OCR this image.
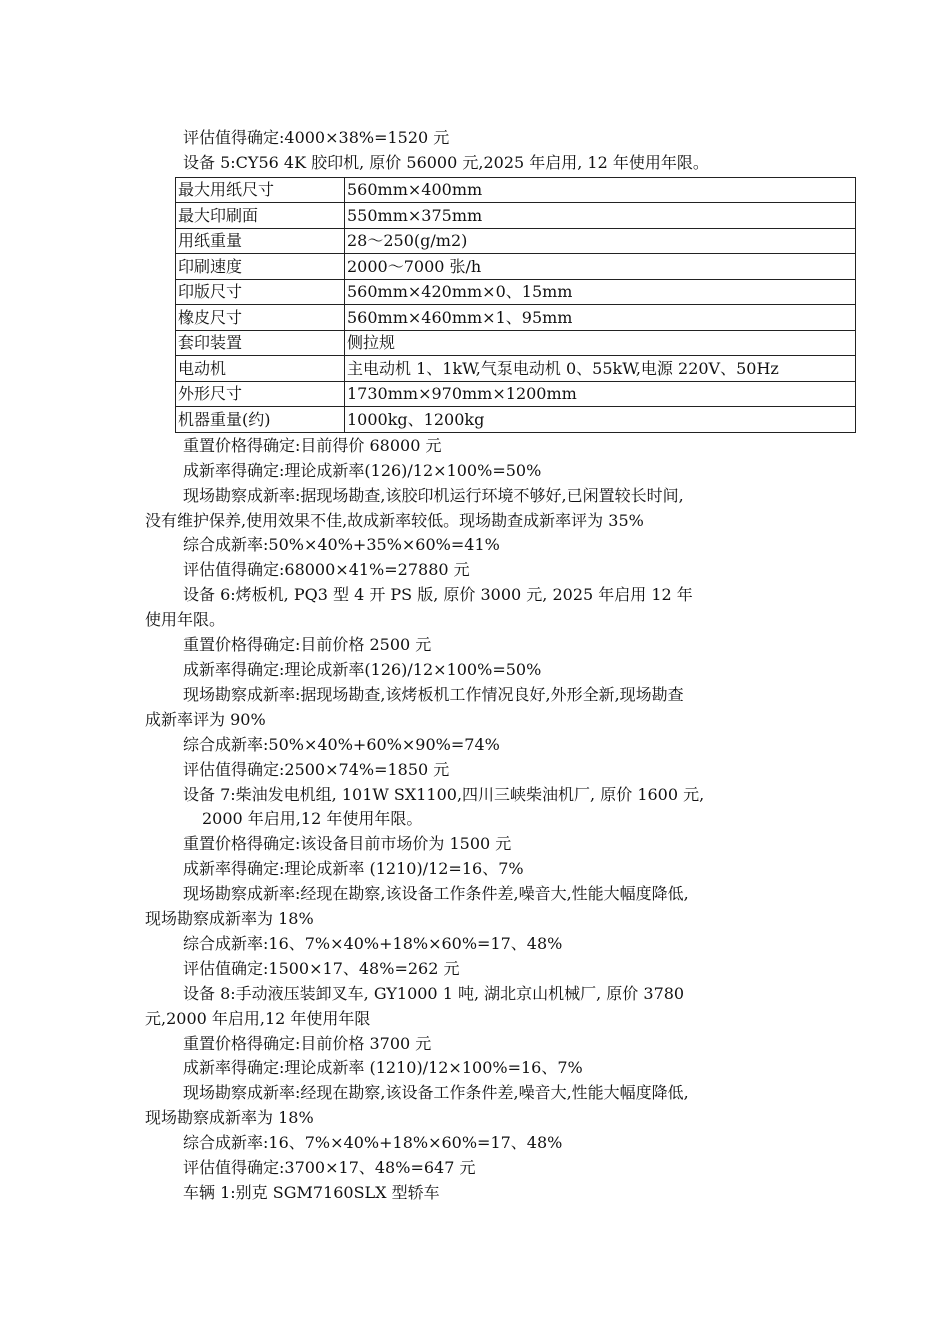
评估值得确定:4000×38%=1520 元
设备 5:CY56 4K 胶印机, 原价 56000 元,2025 年启用, 12 年使用年限。
最大用纸尺寸	560mm×400mm
最大印刷面	550mm×375mm
用纸重量	28～250(g/m2)
印刷速度	2000～7000 张/h
印版尺寸	560mm×420mm×0、15mm
橡皮尺寸	560mm×460mm×1、95mm
套印装置	侧拉规
电动机	主电动机 1、1kW,气泵电动机 0、55kW,电源 220V、50Hz
外形尺寸	1730mm×970mm×1200mm
机器重量(约)	1000kg、1200kg
重置价格得确定:目前得价 68000 元
成新率得确定:理论成新率(126)/12×100%=50%
现场勘察成新率:据现场勘查,该胶印机运行环境不够好,已闲置较长时间,
没有维护保养,使用效果不佳,故成新率较低。现场勘查成新率评为 35%
综合成新率:50%×40%+35%×60%=41%
评估值得确定:68000×41%=27880 元
设备 6:烤板机, PQ3 型 4 开 PS 版, 原价 3000 元, 2025 年启用 12 年
使用年限。
重置价格得确定:目前价格 2500 元
成新率得确定:理论成新率(126)/12×100%=50%
现场勘察成新率:据现场勘查,该烤板机工作情况良好,外形全新,现场勘查
成新率评为 90%
综合成新率:50%×40%+60%×90%=74%
评估值得确定:2500×74%=1850 元
设备 7:柴油发电机组, 101W SX1100,四川三峡柴油机厂, 原价 1600 元,
2000 年启用,12 年使用年限。
重置价格得确定:该设备目前市场价为 1500 元
成新率得确定:理论成新率 (1210)/12=16、7%
现场勘察成新率:经现在勘察,该设备工作条件差,噪音大,性能大幅度降低,
现场勘察成新率为 18%
综合成新率:16、7%×40%+18%×60%=17、48%
评估值确定:1500×17、48%=262 元
设备 8:手动液压装卸叉车, GY1000 1 吨, 湖北京山机械厂, 原价 3780
元,2000 年启用,12 年使用年限
重置价格得确定:目前价格 3700 元
成新率得确定:理论成新率 (1210)/12×100%=16、7%
现场勘察成新率:经现在勘察,该设备工作条件差,噪音大,性能大幅度降低,
现场勘察成新率为 18%
综合成新率:16、7%×40%+18%×60%=17、48%
评估值得确定:3700×17、48%=647 元
车辆 1:别克 SGM7160SLX 型轿车
